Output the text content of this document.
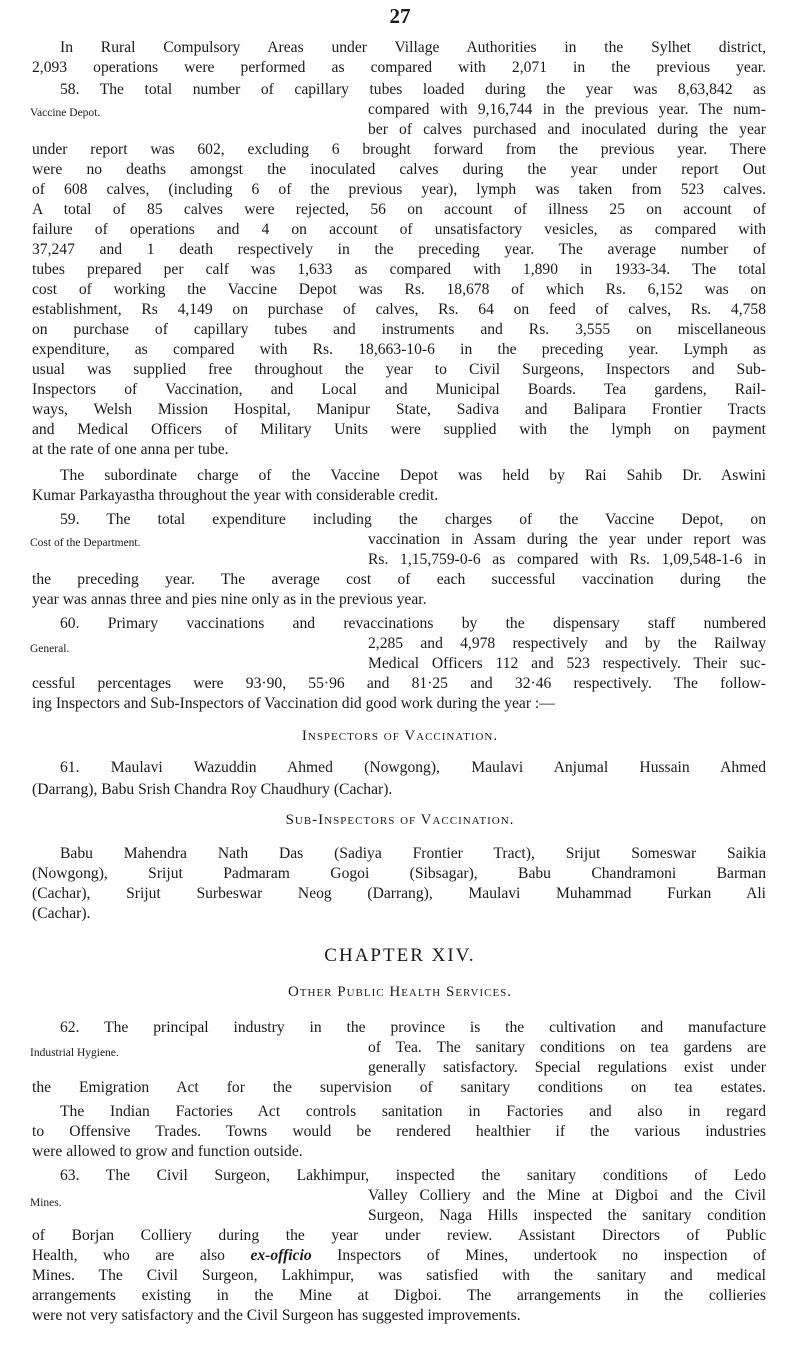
27
In Rural Compulsory Areas under Village Authorities in the Sylhet district,
2,093 operations were performed as compared with 2,071 in the previous year.
58. The total number of capillary tubes loaded during the year was 8,63,842 as
Vaccine Depot.	compared with 9,16,744 in the previous year. The num-
ber of calves purchased and inoculated during the year
under report was 602, excluding 6 brought forward from the previous year. There
were no deaths amongst the inoculated calves during the year under report Out
of 608 calves, (including 6 of the previous year), lymph was taken from 523 calves.
A total of 85 calves were rejected, 56 on account of illness 25 on account of
failure of operations and 4 on account of unsatisfactory vesicles, as compared with
37,247 and 1 death respectively in the preceding year. The average number of
tubes prepared per calf was 1,633 as compared with 1,890 in 1933-34. The total
cost of working the Vaccine Depot was Rs. 18,678 of which Rs. 6,152 was on
establishment, Rs 4,149 on purchase of calves, Rs. 64 on feed of calves, Rs. 4,758
on purchase of capillary tubes and instruments and Rs. 3,555 on miscellaneous
expenditure, as compared with Rs. 18,663-10-6 in the preceding year. Lymph as
usual was supplied free throughout the year to Civil Surgeons, Inspectors and Sub-
Inspectors of Vaccination, and Local and Municipal Boards. Tea gardens, Rail-
ways, Welsh Mission Hospital, Manipur State, Sadiva and Balipara Frontier Tracts
and Medical Officers of Military Units were supplied with the lymph on payment
at the rate of one anna per tube.
The subordinate charge of the Vaccine Depot was held by Rai Sahib Dr. Aswini
Kumar Parkayastha throughout the year with considerable credit.
59. The total expenditure including the charges of the Vaccine Depot, on
Cost of the Department.	vaccination in Assam during the year under report was
Rs. 1,15,759-0-6 as compared with Rs. 1,09,548-1-6 in
the preceding year. The average cost of each successful vaccination during the
year was annas three and pies nine only as in the previous year.
60. Primary vaccinations and revaccinations by the dispensary staff numbered
General.	2,285 and 4,978 respectively and by the Railway
Medical Officers 112 and 523 respectively. Their suc-
cessful percentages were 93·90, 55·96 and 81·25 and 32·46 respectively. The follow-
ing Inspectors and Sub-Inspectors of Vaccination did good work during the year :—
Inspectors of Vaccination.
61. Maulavi Wazuddin Ahmed (Nowgong), Maulavi Anjumal Hussain Ahmed
(Darrang), Babu Srish Chandra Roy Chaudhury (Cachar).
Sub-Inspectors of Vaccination.
Babu Mahendra Nath Das (Sadiya Frontier Tract), Srijut Someswar Saikia
(Nowgong), Srijut Padmaram Gogoi (Sibsagar), Babu Chandramoni Barman
(Cachar), Srijut Surbeswar Neog (Darrang), Maulavi Muhammad Furkan Ali
(Cachar).
CHAPTER XIV.
Other Public Health Services.
62. The principal industry in the province is the cultivation and manufacture
Industrial Hygiene.	of Tea. The sanitary conditions on tea gardens are
generally satisfactory. Special regulations exist under
the Emigration Act for the supervision of sanitary conditions on tea estates.
The Indian Factories Act controls sanitation in Factories and also in regard
to Offensive Trades. Towns would be rendered healthier if the various industries
were allowed to grow and function outside.
63. The Civil Surgeon, Lakhimpur, inspected the sanitary conditions of Ledo
Mines.	Valley Colliery and the Mine at Digboi and the Civil
Surgeon, Naga Hills inspected the sanitary condition
of Borjan Colliery during the year under review. Assistant Directors of Public
Health, who are also ex-officio Inspectors of Mines, undertook no inspection of
Mines. The Civil Surgeon, Lakhimpur, was satisfied with the sanitary and medical
arrangements existing in the Mine at Digboi. The arrangements in the collieries
were not very satisfactory and the Civil Surgeon has suggested improvements.
